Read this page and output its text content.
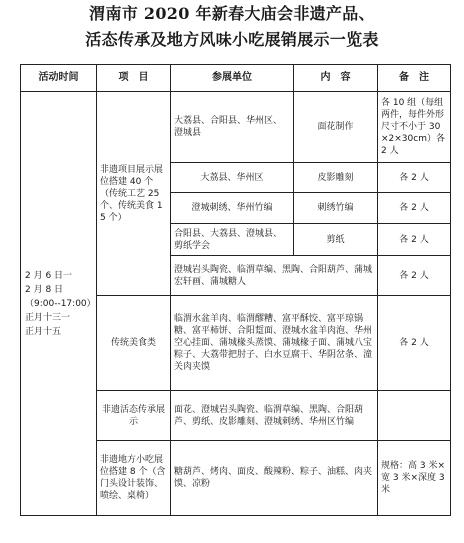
渭南市 2020 年新春大庙会非遗产品、
活态传承及地方风味小吃展销展示一览表
活动时间	项　目	参展单位	内　容	备　注

2 月 6 日一
2 月 8 日
（9:00--17:00）
正月十三一
正月十五	非遗项目展示展位搭建 40 个（传统工艺 25 个、传统美食 15 个）	大荔县、合阳县、华州区、澄城县	面花制作	各 10 组（每组两件，每件外形尺寸不小于 30×2×30cm）各 2 人
		大荔县、华州区	皮影雕刻	各 2 人
		澄城刺绣、华州竹编	刺绣竹编	各 2 人
		合阳县、大荔县、澄城县、剪纸学会	剪纸	各 2 人
		澄城岩头陶瓷、临渭草编、黑陶、合阳葫芦、蒲城宏轩画、蒲城糖人		各 2 人
	传统美食类	临渭水盆羊肉、临渭醪糟、富平酥饺、富平琼锅糖、富平柿饼、合阳踅面、澄城水盆羊肉泡、华州空心挂面、蒲城椽头蒸馍、蒲城椽子面、蒲城八宝粽子、大荔带把肘子、白水豆腐干、华阴岔条、潼关肉夹馍		各 2 人
	非遗活态传承展示	面花、澄城岩头陶瓷、临渭草编、黑陶、合阳葫芦、剪纸、皮影雕刻、澄城刺绣、华州区竹编		
	非遗地方小吃展位搭建 8 个（含门头设计装饰、喷绘、桌椅）	糖葫芦、烤肉、面皮、酸辣粉、粽子、油糕、肉夹馍、凉粉		规格：高 3 米×宽 3 米×深度 3 米
